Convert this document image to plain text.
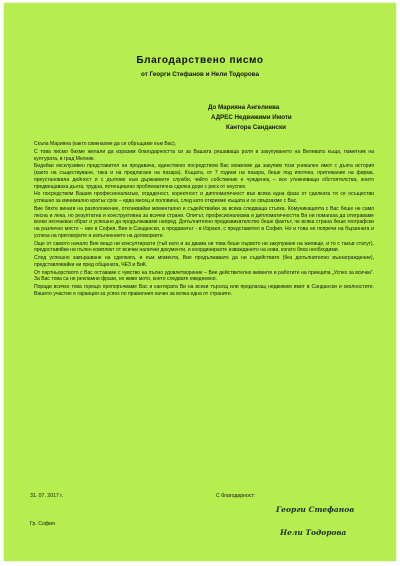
Благодарствено писмо
от Георги Стефанов и Нели Тодорова
До Марияна Ангелиева
АДРЕС Недвижими Имоти
Кантора Сандански

Скъпа Марияна (както свикнахме да се обръщаме към Вас),

С това писмо бихме желали да изразим благодарността си за Вашата решаваща роля в закупуването на Велевата къща, паметник на културата, в град Мелник.

Бидейки ексклузивен представител на продавача, единствено посредством Вас можехме да закупим този уникален имот с дълга история (както на съществуване, така и на предлагане на пазара). Къщата, от 7 години на пазара, беше под ипотека, притежание на фирма, преустановила дейност и с дългове към държавните служби, чийто собственик е чужденец – все утежняващи обстоятелства, които предвещаваха дълга, трудна, потенциално проблематична сделка дори с риск от неуспех.

Но посредством Вашия професионализъм, отдаденост, коректност и дипломатичност във всяка една фаза от сделката тя се осъществи успешно за минимално кратък срок – едва месец и половина, след като открихме къщата и се свързахме с Вас.

Вие бяхте винаги на разположение, откликвайки моментално и съдействайки за всяка следваща стъпка. Комуникацията с Вас беше не само лесна и лека, но резултатна и конструктивна за всички страни. Опитът, професионализма и дипломатичността Ви ни помагаха да отиграваме всеки неочакван обрат и успешно да продължаваме напред. Допълнително предизвикателство беше фактът, че всяка страна беше географски на различно място – ние в София, Вие в Сандански, а продавачът - в Израел, с представител в София. Но и това не попречи на бързината и успеха на преговорите и изпълнението на договорките.

Още от самото начало Вие вещо ни консултирахте (тъй като и за двама ни това беше първото ни закупуване на жилище, и то с такъв статут), предоставяйки ни пълен комплект от всички налични документи, и координирахте изваждането на нови, когато бяха необходими.

След успешно завършване на сделката, и към момента, Вие продължавате да ни съдействате (без допълнително възнаграждение), представлявайки ни пред общината, ЧЕЗ и ВиК.

От партньорството с Вас оставаме с чувство на пълно удовлетворение – Вие действително живеете и работите на принципа „Успех за всички“. За Вас това са не рекламни фрази, но живо мото, което следвате ежедневно.

Поради всичко това горещо препоръчваме Вас и кантората Ви на всеки търсещ или предлагащ недвижим имот в Сандански и околностите. Вашето участие е гаранция за успех по правилния начин за всяка една от страните.

31. 07. 2017 г.
Гр. София
С благодарност:
Георги Стефанов
Нели Тодорова
